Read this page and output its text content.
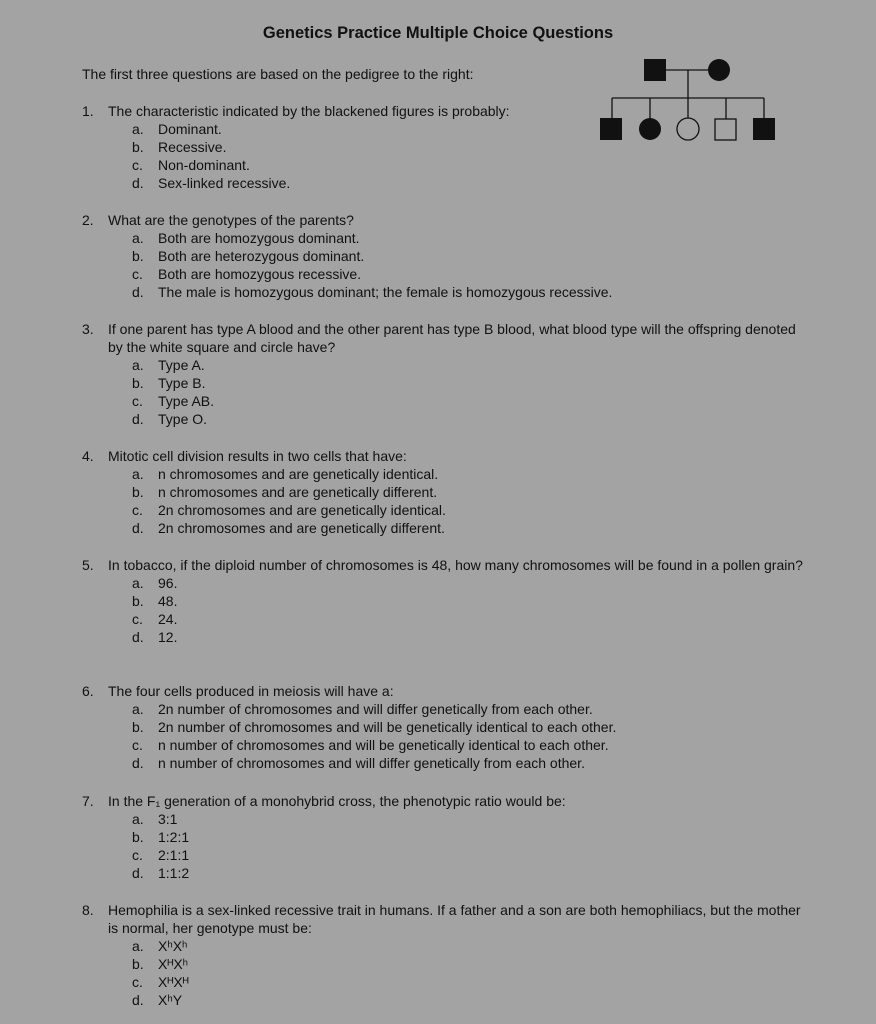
Genetics Practice Multiple Choice Questions
The first three questions are based on the pedigree to the right:
1.	The characteristic indicated by the blackened figures is probably:
a.	Dominant.
b.	Recessive.
c.	Non-dominant.
d.	Sex-linked recessive.
2.	What are the genotypes of the parents?
a.	Both are homozygous dominant.
b.	Both are heterozygous dominant.
c.	Both are homozygous recessive.
d.	The male is homozygous dominant; the female is homozygous recessive.
3.	If one parent has type A blood and the other parent has type B blood, what blood type will the offspring denoted by the white square and circle have?
a.	Type A.
b.	Type B.
c.	Type AB.
d.	Type O.
4.	Mitotic cell division results in two cells that have:
a.	n chromosomes and are genetically identical.
b.	n chromosomes and are genetically different.
c.	2n chromosomes and are genetically identical.
d.	2n chromosomes and are genetically different.
5.	In tobacco, if the diploid number of chromosomes is 48, how many chromosomes will be found in a pollen grain?
a.	96.
b.	48.
c.	24.
d.	12.
6.	The four cells produced in meiosis will have a:
a.	2n number of chromosomes and will differ genetically from each other.
b.	2n number of chromosomes and will be genetically identical to each other.
c.	n number of chromosomes and will be genetically identical to each other.
d.	n number of chromosomes and will differ genetically from each other.
7.	In the F₁ generation of a monohybrid cross, the phenotypic ratio would be:
a.	3:1
b.	1:2:1
c.	2:1:1
d.	1:1:2
8.	Hemophilia is a sex-linked recessive trait in humans. If a father and a son are both hemophiliacs, but the mother is normal, her genotype must be:
a.	XʰXʰ
b.	XᴴXʰ
c.	XᴴXᴴ
d.	XʰY
